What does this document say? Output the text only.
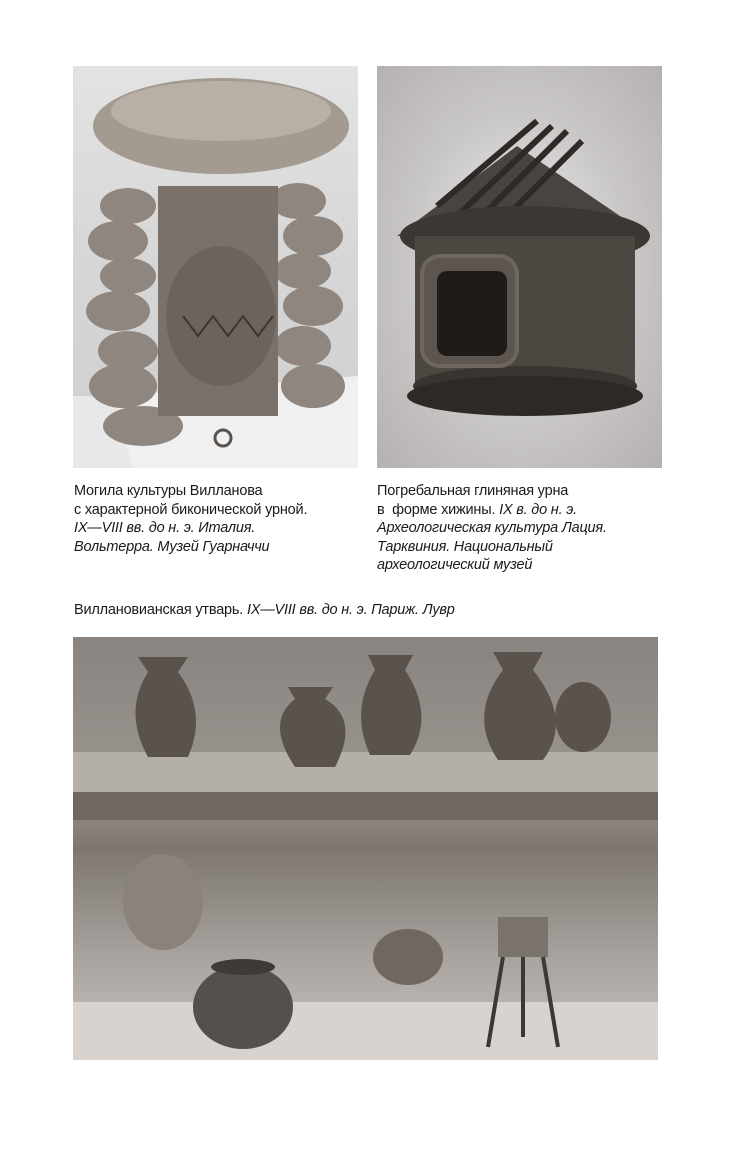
Могила культуры Вилланова
с характерной биконической урной.
IX—VIII вв. до н. э. Италия.
Вольтерра. Музей Гуарначчи
Погребальная глиняная урна
в  форме хижины. IX в. до н. э.
Археологическая культура Лация.
Тарквиния. Национальный
археологический музей
Виллановианская утварь. IX—VIII вв. до н. э. Париж. Лувр
